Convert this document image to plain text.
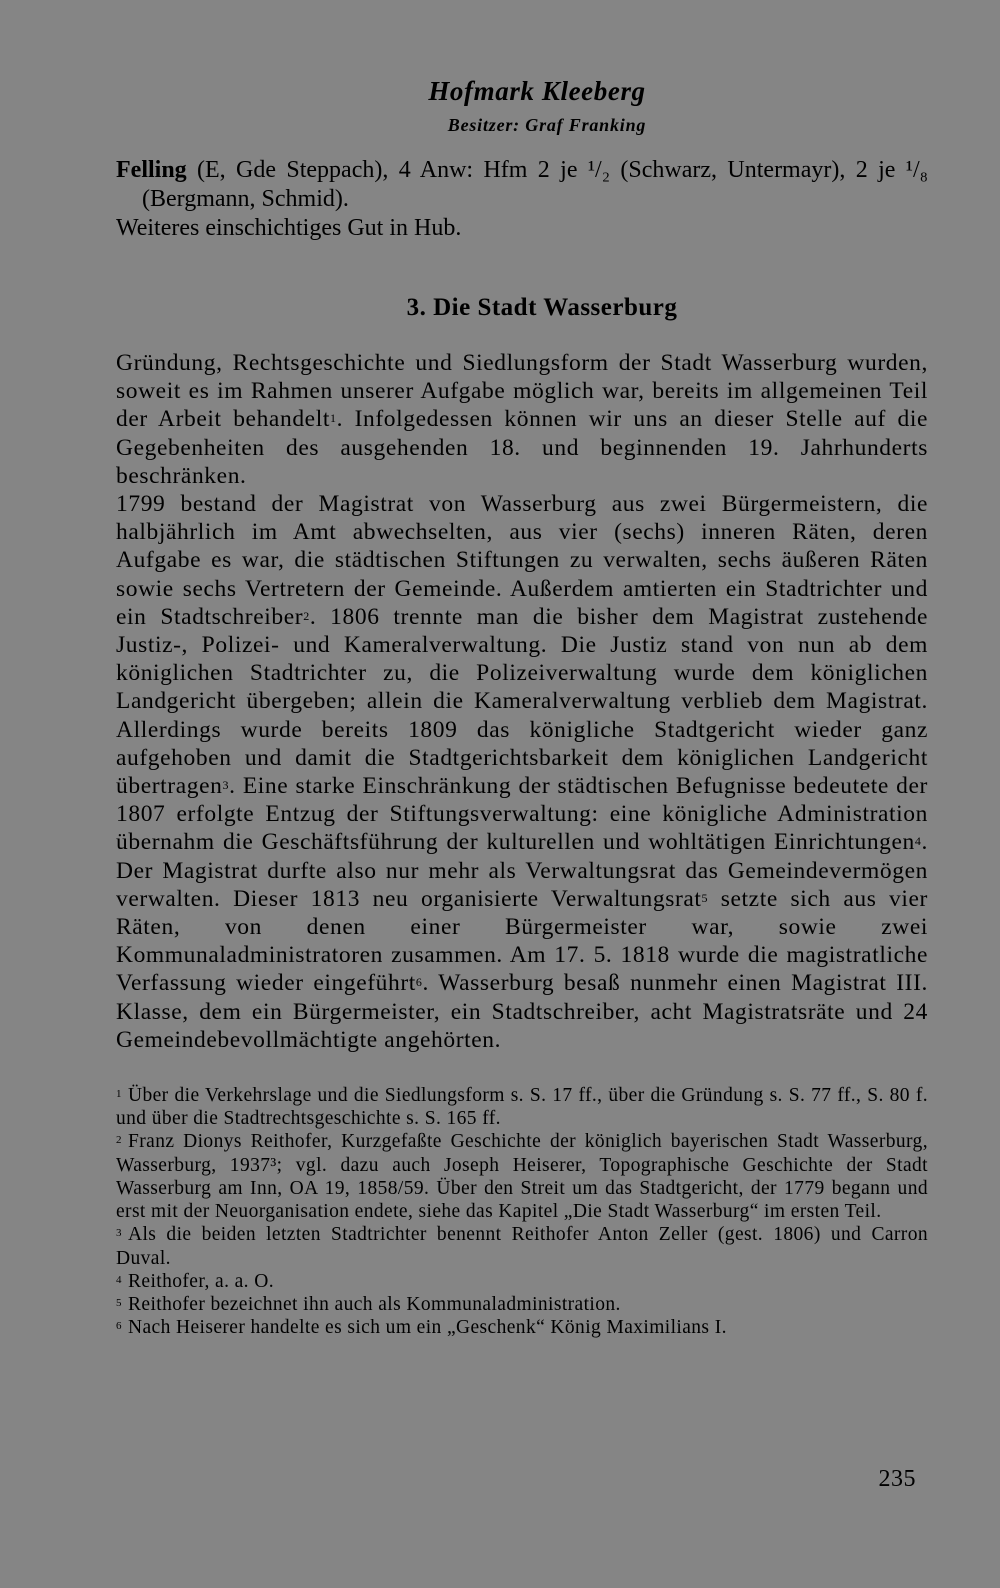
Hofmark Kleeberg

Besitzer: Graf Franking

Felling (E, Gde Steppach), 4 Anw: Hfm 2 je ¹/₂ (Schwarz, Untermayr), 2 je ¹/₈ (Bergmann, Schmid).

Weiteres einschichtiges Gut in Hub.

3. Die Stadt Wasserburg

Gründung, Rechtsgeschichte und Siedlungsform der Stadt Wasserburg wurden, soweit es im Rahmen unserer Aufgabe möglich war, bereits im allgemeinen Teil der Arbeit behandelt$^1$. Infolgedessen können wir uns an dieser Stelle auf die Gegebenheiten des ausgehenden 18. und beginnenden 19. Jahrhunderts beschränken.

1799 bestand der Magistrat von Wasserburg aus zwei Bürgermeistern, die halbjährlich im Amt abwechselten, aus vier (sechs) inneren Räten, deren Aufgabe es war, die städtischen Stiftungen zu verwalten, sechs äußeren Räten sowie sechs Vertretern der Gemeinde. Außerdem amtierten ein Stadtrichter und ein Stadtschreiber$^2$. 1806 trennte man die bisher dem Magistrat zustehende Justiz-, Polizei- und Kameralverwaltung. Die Justiz stand von nun ab dem königlichen Stadtrichter zu, die Polizeiverwaltung wurde dem königlichen Landgericht übergeben; allein die Kameralverwaltung verblieb dem Magistrat. Allerdings wurde bereits 1809 das königliche Stadtgericht wieder ganz aufgehoben und damit die Stadtgerichtsbarkeit dem königlichen Landgericht übertragen$^3$. Eine starke Einschränkung der städtischen Befugnisse bedeutete der 1807 erfolgte Entzug der Stiftungsverwaltung: eine königliche Administration übernahm die Geschäftsführung der kulturellen und wohltätigen Einrichtungen$^4$. Der Magistrat durfte also nur mehr als Verwaltungsrat das Gemeindevermögen verwalten. Dieser 1813 neu organisierte Verwaltungsrat$^5$ setzte sich aus vier Räten, von denen einer Bürgermeister war, sowie zwei Kommunaladministratoren zusammen. Am 17. 5. 1818 wurde die magistratliche Verfassung wieder eingeführt$^6$. Wasserburg besaß nunmehr einen Magistrat III. Klasse, dem ein Bürgermeister, ein Stadtschreiber, acht Magistratsräte und 24 Gemeindebevollmächtigte angehörten.

1 Über die Verkehrslage und die Siedlungsform s. S. 17 ff., über die Gründung s. S. 77 ff., S. 80 f. und über die Stadtrechtsgeschichte s. S. 165 ff.

2 Franz Dionys Reithofer, Kurzgefaßte Geschichte der königlich bayerischen Stadt Wasserburg, Wasserburg, 1937³; vgl. dazu auch Joseph Heiserer, Topographische Geschichte der Stadt Wasserburg am Inn, OA 19, 1858/59. Über den Streit um das Stadtgericht, der 1779 begann und erst mit der Neuorganisation endete, siehe das Kapitel „Die Stadt Wasserburg“ im ersten Teil.

3 Als die beiden letzten Stadtrichter benennt Reithofer Anton Zeller (gest. 1806) und Carron Duval.

4 Reithofer, a. a. O.

5 Reithofer bezeichnet ihn auch als Kommunaladministration.

6 Nach Heiserer handelte es sich um ein „Geschenk“ König Maximilians I.

235
